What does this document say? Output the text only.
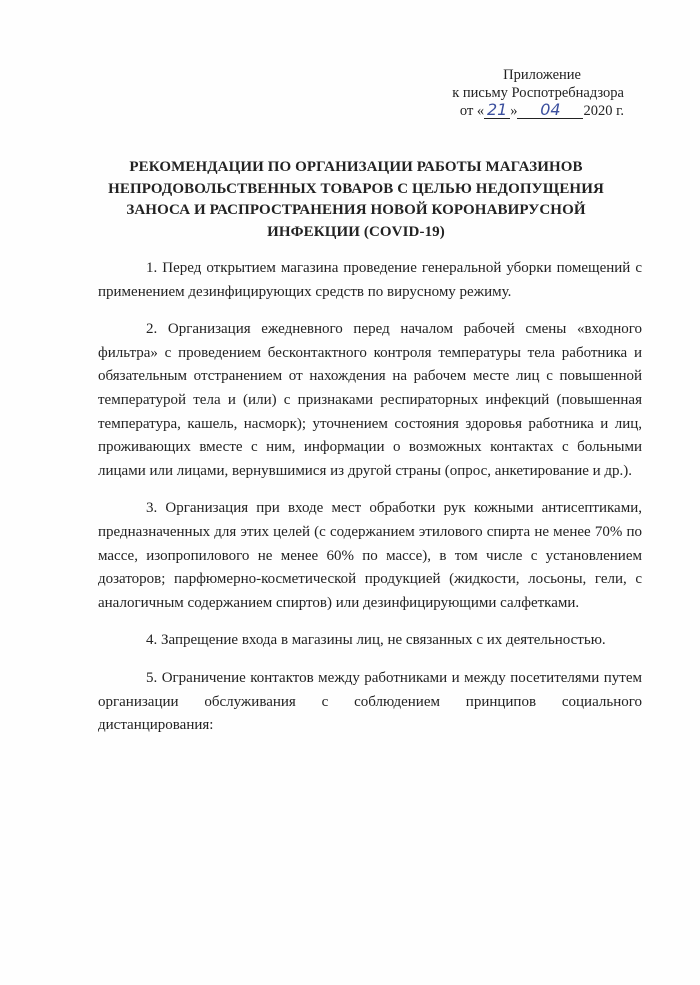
Приложение
к письму Роспотребнадзора
от « 21 »	04	2020 г.
РЕКОМЕНДАЦИИ ПО ОРГАНИЗАЦИИ РАБОТЫ МАГАЗИНОВ НЕПРОДОВОЛЬСТВЕННЫХ ТОВАРОВ С ЦЕЛЬЮ НЕДОПУЩЕНИЯ ЗАНОСА И РАСПРОСТРАНЕНИЯ НОВОЙ КОРОНАВИРУСНОЙ ИНФЕКЦИИ (COVID-19)

1. Перед открытием магазина проведение генеральной уборки помещений с применением дезинфицирующих средств по вирусному режиму.

2. Организация ежедневного перед началом рабочей смены «входного фильтра» с проведением бесконтактного контроля температуры тела работника и обязательным отстранением от нахождения на рабочем месте лиц с повышенной температурой тела и (или) с признаками респираторных инфекций (повышенная температура, кашель, насморк); уточнением состояния здоровья работника и лиц, проживающих вместе с ним, информации о возможных контактах с больными лицами или лицами, вернувшимися из другой страны (опрос, анкетирование и др.).

3. Организация при входе мест обработки рук кожными антисептиками, предназначенных для этих целей (с содержанием этилового спирта не менее 70% по массе, изопропилового не менее 60% по массе), в том числе с установлением дозаторов; парфюмерно-косметической продукцией (жидкости, лосьоны, гели, с аналогичным содержанием спиртов) или дезинфицирующими салфетками.

4. Запрещение входа в магазины лиц, не связанных с их деятельностью.

5. Ограничение контактов между работниками и между посетителями путем организации обслуживания с соблюдением принципов социального дистанцирования:
